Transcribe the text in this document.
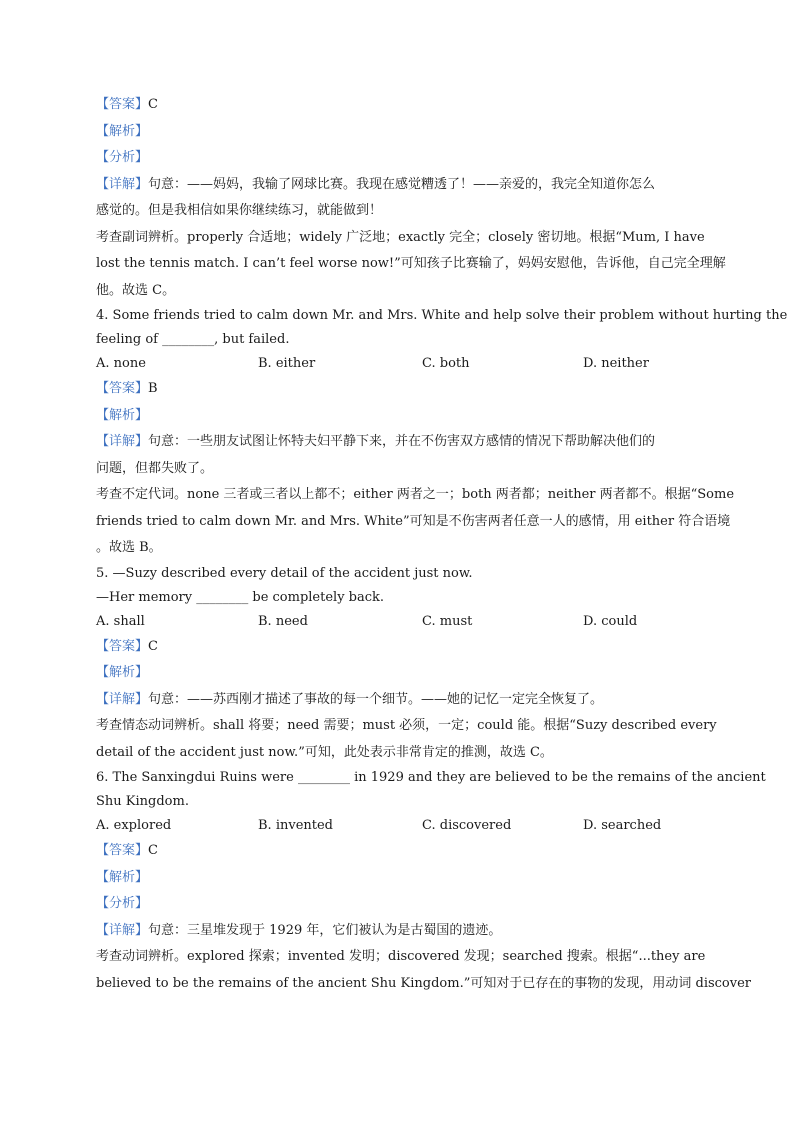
【答案】C
【解析】
【分析】
【详解】句意：——妈妈，我输了网球比赛。我现在感觉糟透了！——亲爱的，我完全知道你怎么
感觉的。但是我相信如果你继续练习，就能做到！
考查副词辨析。properly 合适地；widely 广泛地；exactly 完全；closely 密切地。根据“Mum, I have
lost the tennis match. I can’t feel worse now!”可知孩子比赛输了，妈妈安慰他，告诉他，自己完全理解
他。故选 C。
4. Some friends tried to calm down Mr. and Mrs. White and help solve their problem without hurting the
feeling of ________, but failed.
A. none	B. either	C. both	D. neither
【答案】B
【解析】
【详解】句意：一些朋友试图让怀特夫妇平静下来，并在不伤害双方感情的情况下帮助解决他们的
问题，但都失败了。
考查不定代词。none 三者或三者以上都不；either 两者之一；both 两者都；neither 两者都不。根据“Some
friends tried to calm down Mr. and Mrs. White”可知是不伤害两者任意一人的感情，用 either 符合语境
。故选 B。
5. —Suzy described every detail of the accident just now.
—Her memory ________ be completely back.
A. shall	B. need	C. must	D. could
【答案】C
【解析】
【详解】句意：——苏西刚才描述了事故的每一个细节。——她的记忆一定完全恢复了。
考查情态动词辨析。shall 将要；need 需要；must 必须，一定；could 能。根据“Suzy described every
detail of the accident just now.”可知，此处表示非常肯定的推测，故选 C。
6. The Sanxingdui Ruins were ________ in 1929 and they are believed to be the remains of the ancient
Shu Kingdom.
A. explored	B. invented	C. discovered	D. searched
【答案】C
【解析】
【分析】
【详解】句意：三星堆发现于 1929 年，它们被认为是古蜀国的遗迹。
考查动词辨析。explored 探索；invented 发明；discovered 发现；searched 搜索。根据“...they are
believed to be the remains of the ancient Shu Kingdom.”可知对于已存在的事物的发现，用动词 discover
